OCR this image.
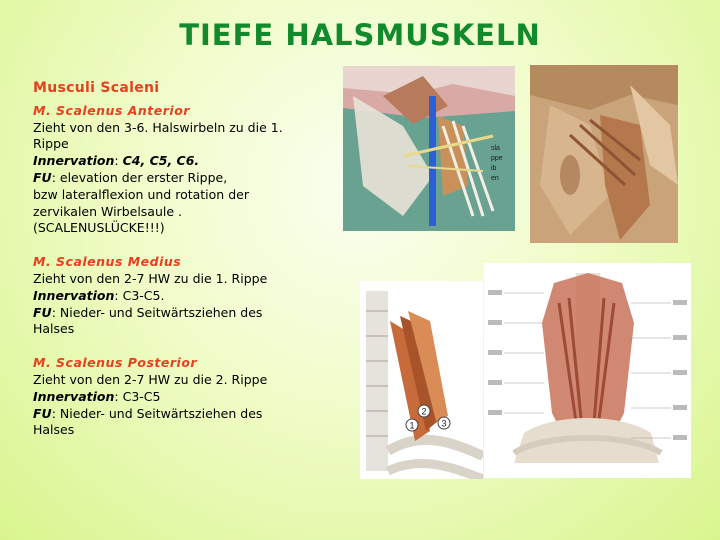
TIEFE HALSMUSKELN
Musculi Scaleni
M. Scalenus Anterior
Zieht von den 3-6. Halswirbeln zu die 1.
Rippe
Innervation: C4, C5, C6.
FU: elevation der erster Rippe,
bzw lateralflexion und rotation der
zervikalen Wirbelsaule .
(SCALENUSLÜCKE!!!)
M. Scalenus Medius
Zieht von den 2-7 HW zu die 1. Rippe
Innervation: C3-C5.
FU: Nieder- und Seitwärtsziehen des
Halses
M. Scalenus Posterior
Zieht von den 2-7 HW zu die 2. Rippe
Innervation: C3-C5
FU: Nieder- und Seitwärtsziehen des
Halses
sla
ppe
ib
en
1
2
3
